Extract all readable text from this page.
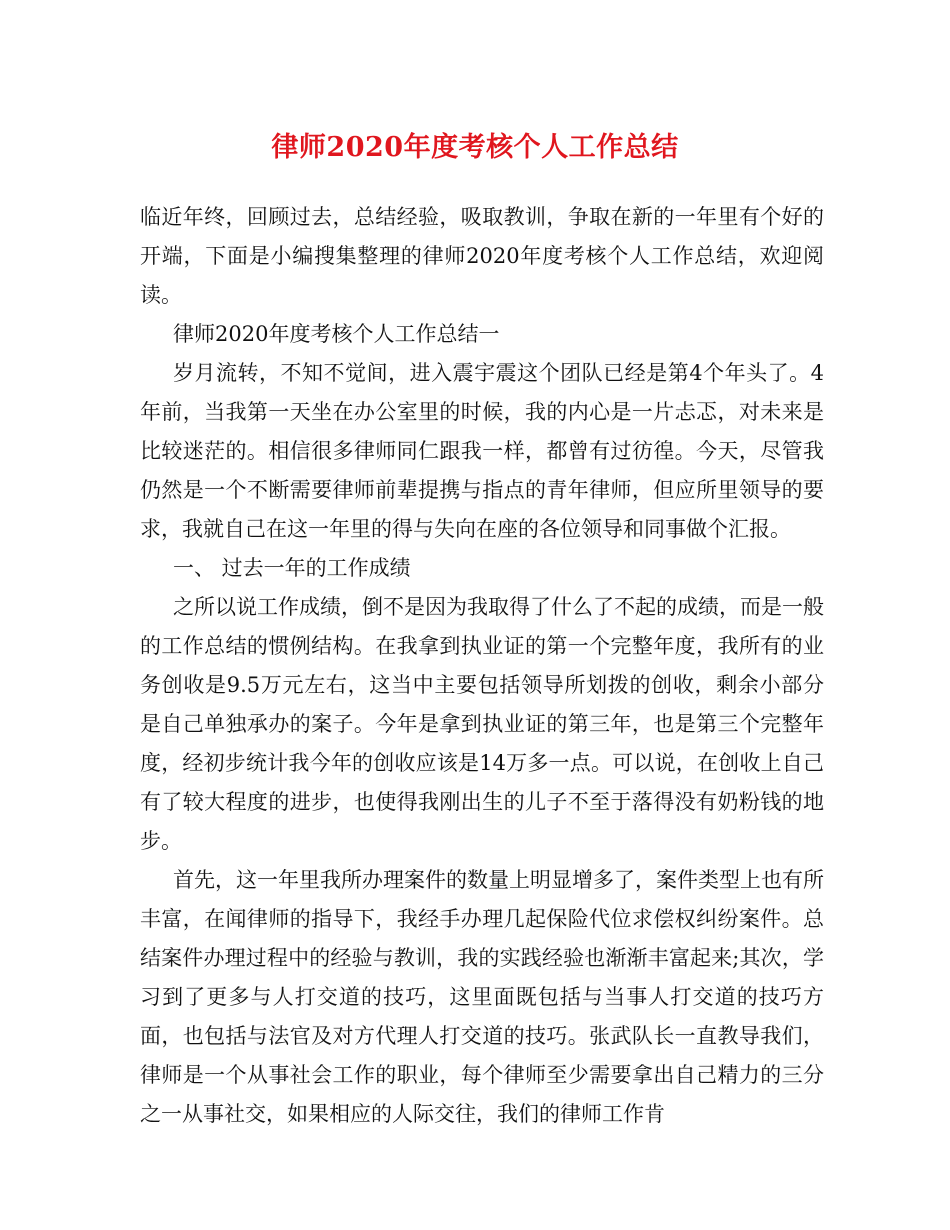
律师2020年度考核个人工作总结

临近年终，回顾过去，总结经验，吸取教训，争取在新的一年里有个好的开端，下面是小编搜集整理的律师2020年度考核个人工作总结，欢迎阅读。

律师2020年度考核个人工作总结一

岁月流转，不知不觉间，进入震宇震这个团队已经是第4个年头了。4年前，当我第一天坐在办公室里的时候，我的内心是一片忐忑，对未来是比较迷茫的。相信很多律师同仁跟我一样，都曾有过彷徨。今天，尽管我仍然是一个不断需要律师前辈提携与指点的青年律师，但应所里领导的要求，我就自己在这一年里的得与失向在座的各位领导和同事做个汇报。

一、 过去一年的工作成绩

之所以说工作成绩，倒不是因为我取得了什么了不起的成绩，而是一般的工作总结的惯例结构。在我拿到执业证的第一个完整年度，我所有的业务创收是9.5万元左右，这当中主要包括领导所划拨的创收，剩余小部分是自己单独承办的案子。今年是拿到执业证的第三年，也是第三个完整年度，经初步统计我今年的创收应该是14万多一点。可以说，在创收上自己有了较大程度的进步，也使得我刚出生的儿子不至于落得没有奶粉钱的地步。

首先，这一年里我所办理案件的数量上明显增多了，案件类型上也有所丰富，在闻律师的指导下，我经手办理几起保险代位求偿权纠纷案件。总结案件办理过程中的经验与教训，我的实践经验也渐渐丰富起来;其次，学习到了更多与人打交道的技巧，这里面既包括与当事人打交道的技巧方面，也包括与法官及对方代理人打交道的技巧。张武队长一直教导我们，律师是一个从事社会工作的职业，每个律师至少需要拿出自己精力的三分之一从事社交，如果相应的人际交往，我们的律师工作肯
